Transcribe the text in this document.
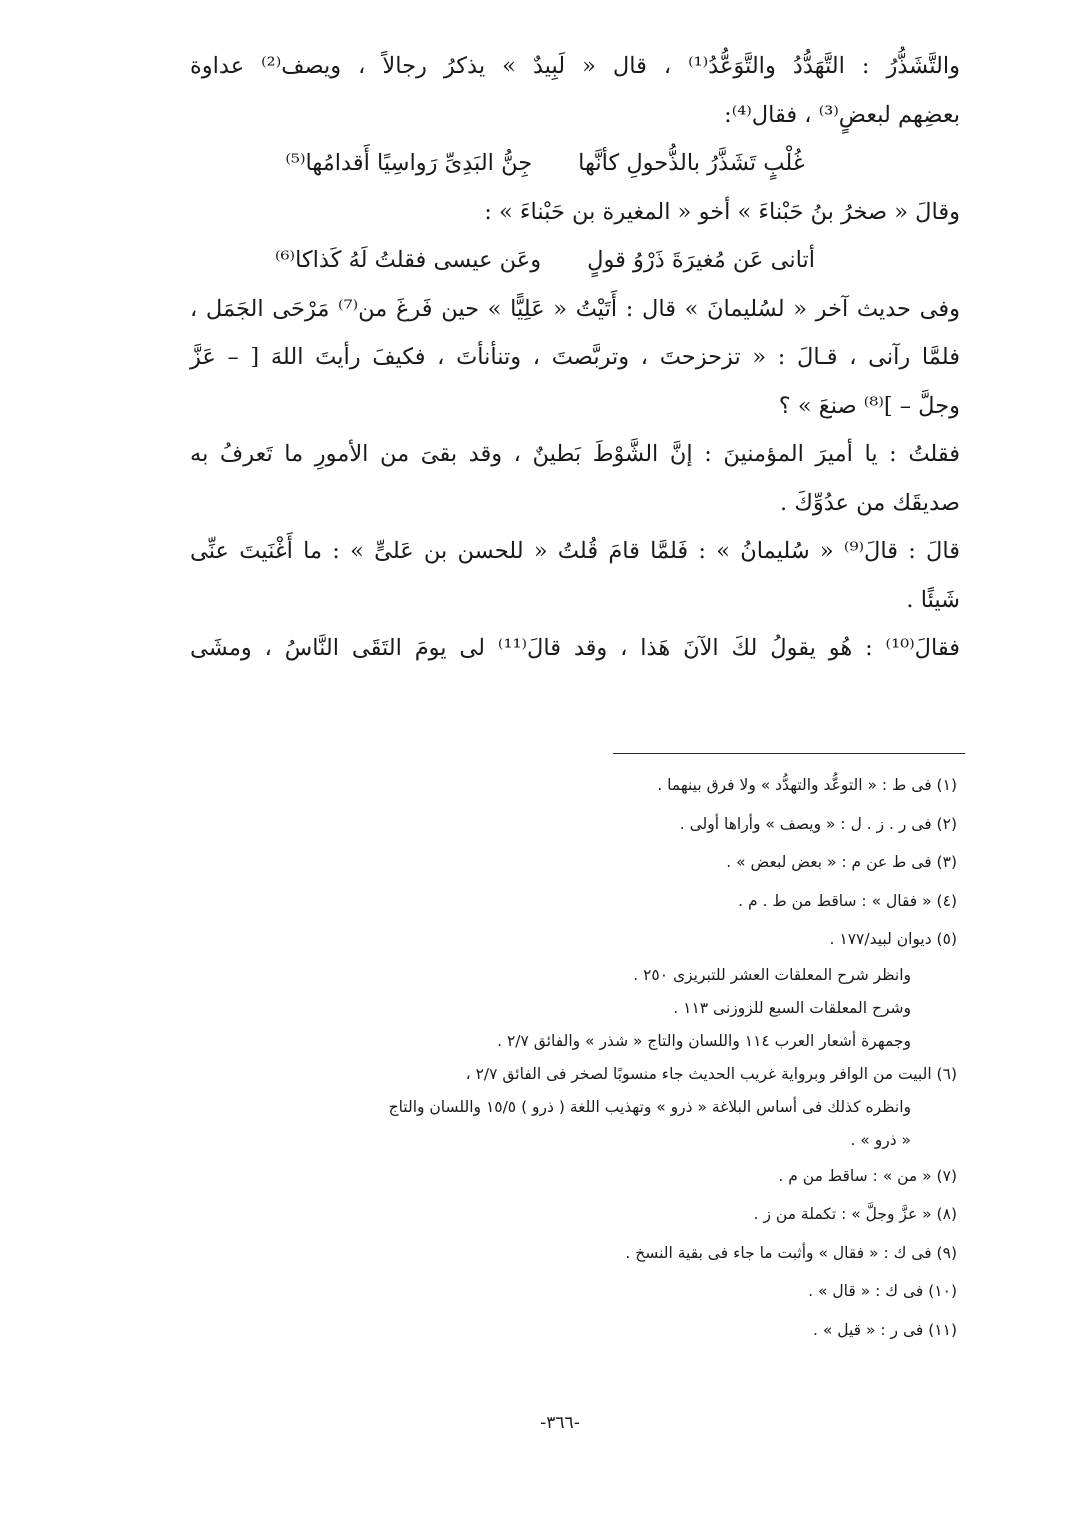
والتَّشَذُّرُ : التَّهَدُّدُ والتَّوَعُّدُ⁽¹⁾ ، قال « لَبِيدٌ » يذكرُ رجالاً ، ويصف⁽²⁾ عداوة
بعضِهم لبعضٍ⁽³⁾ ، فقال⁽⁴⁾:
غُلْبٍ تَشَذَّرُ بالذُّحولِ كأنَّها
جِنُّ البَدِىِّ رَواسِيًا أَقدامُها⁽⁵⁾
وقالَ « صخرُ بنُ حَبْناءَ » أخو « المغيرة بن حَبْناءَ » :
أتانى عَن مُغيرَةَ ذَرْوُ قولٍ
وعَن عيسى فقلتُ لَهُ كَذاكا⁽⁶⁾
وفى حديث آخر « لسُليمانَ » قال : أَتَيْتُ « عَلِيًّا » حين فَرغَ من⁽⁷⁾ مَرْحَى الجَمَل ،
فلمَّا رآنى ، قـالَ : « تزحزحتَ ، وتربَّصتَ ، وتنأنأتَ ، فكيفَ رأيتَ اللهَ [ – عَزَّ
وجلَّ – ]⁽⁸⁾ صنعَ » ؟
فقلتُ : يا أميرَ المؤمنينَ : إنَّ الشَّوْطَ بَطينٌ ، وقد بقىَ من الأمورِ ما تَعرفُ به
صديقَك من عدُوِّكَ .
قالَ : قالَ⁽⁹⁾ « سُليمانُ » : فَلمَّا قامَ قُلتُ « للحسن بن عَلىٍّ » : ما أَغْنَيتَ عنِّى
شَيئًا .
فقالَ⁽¹⁰⁾ : هُو يقولُ لكَ الآنَ هَذا ، وقد قالَ⁽¹¹⁾ لى يومَ التَقَى النَّاسُ ، ومشَى
(١) فى ط : « التوعُّد والتهدُّد » ولا فرق بينهما .
(٢) فى ر . ز . ل : « ويصف » وأراها أولى .
(٣) فى ط عن م : « بعض لبعض » .
(٤) « فقال » : ساقط من ط . م .
(٥) ديوان لبيد/١٧٧ .
وانظر شرح المعلقات العشر للتبريزى ٢٥٠ .
وشرح المعلقات السبع للزوزنى ١١٣ .
وجمهرة أشعار العرب ١١٤ واللسان والتاج « شذر » والفائق ٢/٧ .
(٦) البيت من الوافر وبرواية غريب الحديث جاء منسوبًا لصخر فى الفائق ٢/٧ ،
وانظره كذلك فى أساس البلاغة « ذرو » وتهذيب اللغة ( ذرو ) ١٥/٥ واللسان والتاج
« ذرو » .
(٧) « من » : ساقط من م .
(٨) « عزَّ وجلَّ » : تكملة من ز .
(٩) فى ك : « فقال » وأثبت ما جاء فى بقية النسخ .
(١٠) فى ك : « قال » .
(١١) فى ر : « قيل » .
-٣٦٦-
